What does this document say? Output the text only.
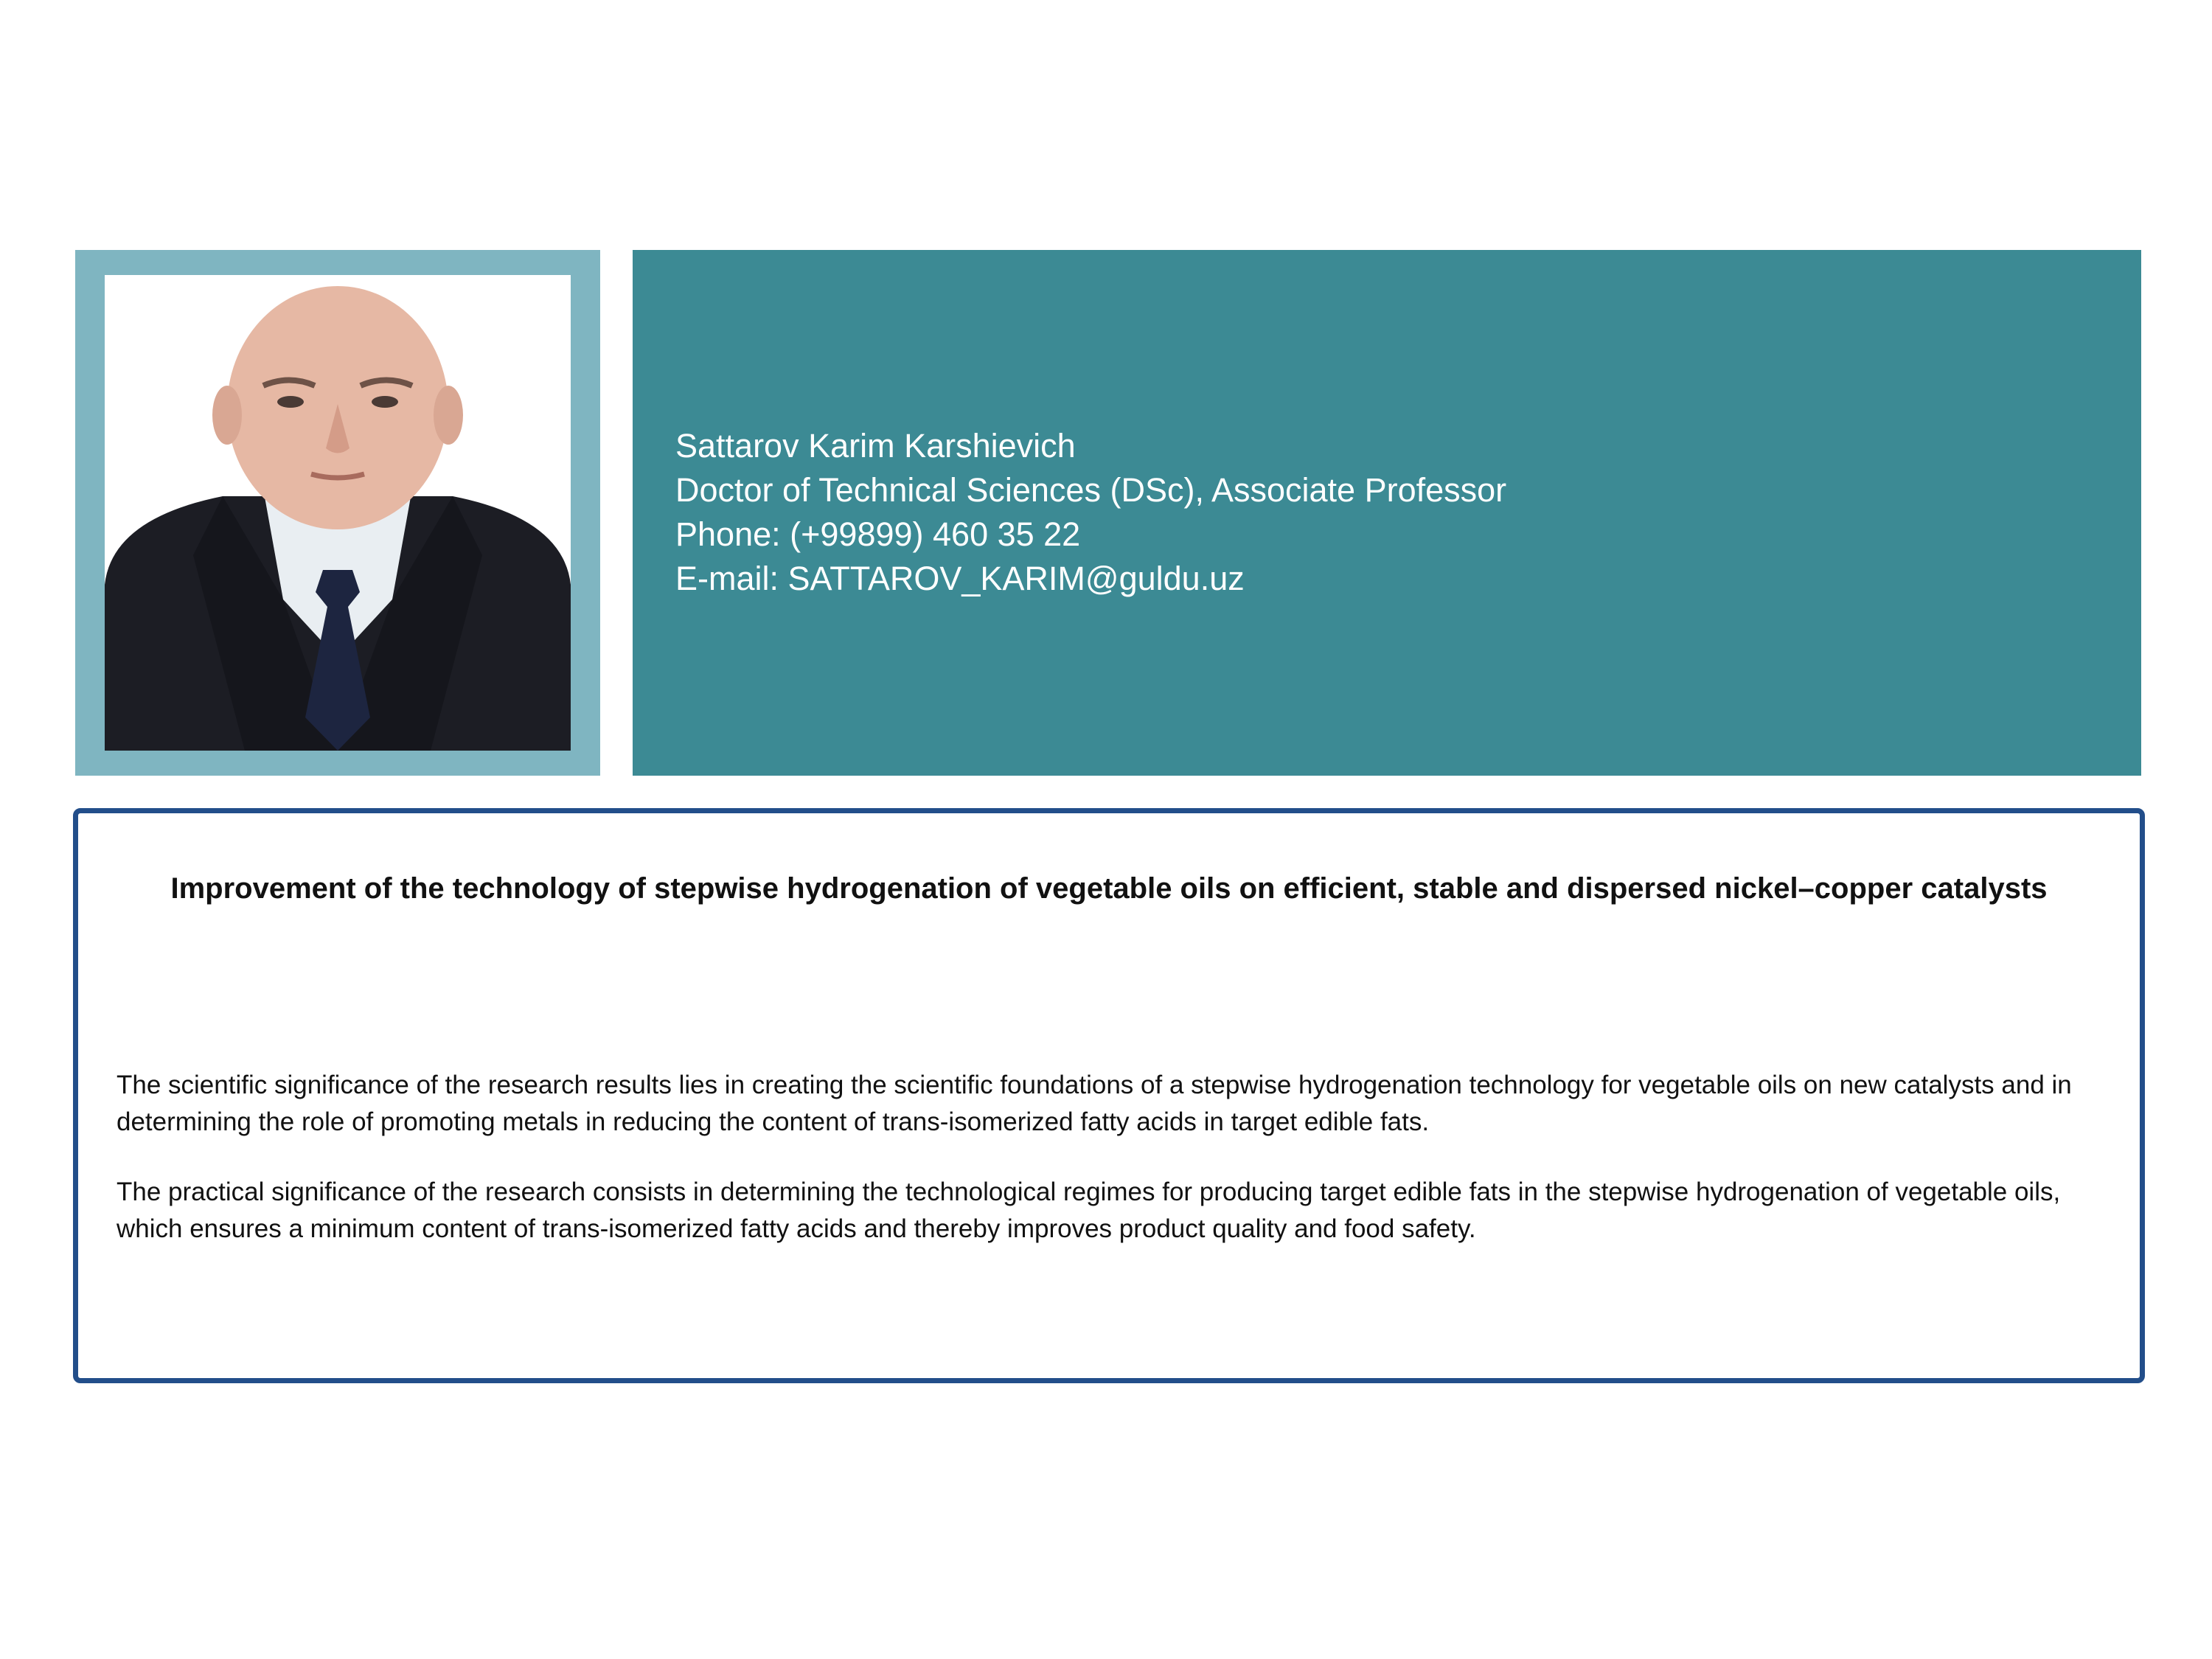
Sattarov Karim Karshievich
Doctor of Technical Sciences (DSc), Associate Professor
Phone: (+99899) 460 35 22
E-mail: SATTAROV_KARIM@guldu.uz
Improvement of the technology of stepwise hydrogenation of vegetable oils on efficient, stable and dispersed nickel–copper catalysts
The scientific significance of the research results lies in creating the scientific foundations of a stepwise hydrogenation technology for vegetable oils on new catalysts and in determining the role of promoting metals in reducing the content of trans-isomerized fatty acids in target edible fats.
The practical significance of the research consists in determining the technological regimes for producing target edible fats in the stepwise hydrogenation of vegetable oils, which ensures a minimum content of trans-isomerized fatty acids and thereby improves product quality and food safety.
